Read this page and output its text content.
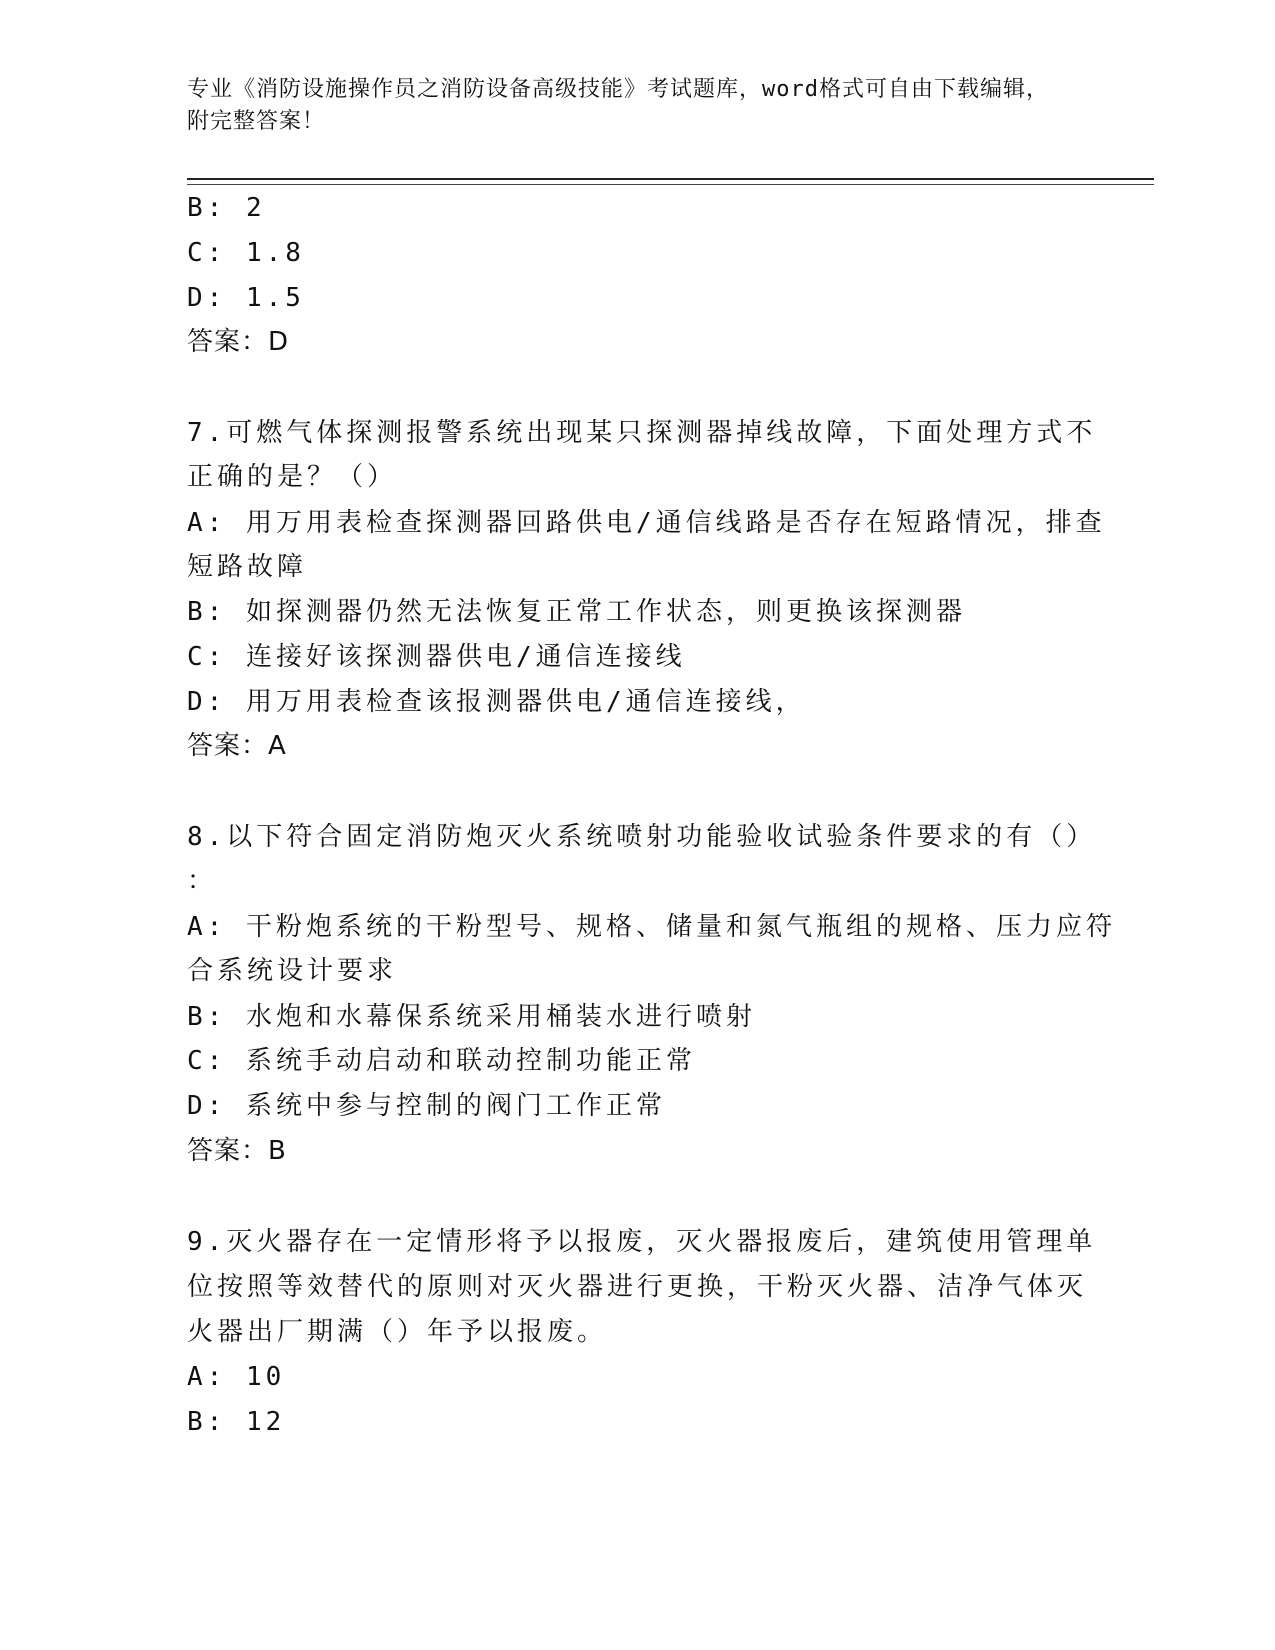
专业《消防设施操作员之消防设备高级技能》考试题库，word格式可自由下载编辑，附完整答案！
B: 2
C: 1.8
D: 1.5
答案：D
7.可燃气体探测报警系统出现某只探测器掉线故障，下面处理方式不
正确的是？（）
A: 用万用表检查探测器回路供电/通信线路是否存在短路情况，排查
短路故障
B: 如探测器仍然无法恢复正常工作状态，则更换该探测器
C: 连接好该探测器供电/通信连接线
D: 用万用表检查该报测器供电/通信连接线，
答案：A
8.以下符合固定消防炮灭火系统喷射功能验收试验条件要求的有（）
：
A: 干粉炮系统的干粉型号、规格、储量和氮气瓶组的规格、压力应符
合系统设计要求
B: 水炮和水幕保系统采用桶装水进行喷射
C: 系统手动启动和联动控制功能正常
D: 系统中参与控制的阀门工作正常
答案：B
9.灭火器存在一定情形将予以报废，灭火器报废后，建筑使用管理单
位按照等效替代的原则对灭火器进行更换，干粉灭火器、洁净气体灭
火器出厂期满（）年予以报废。
A: 10
B: 12
